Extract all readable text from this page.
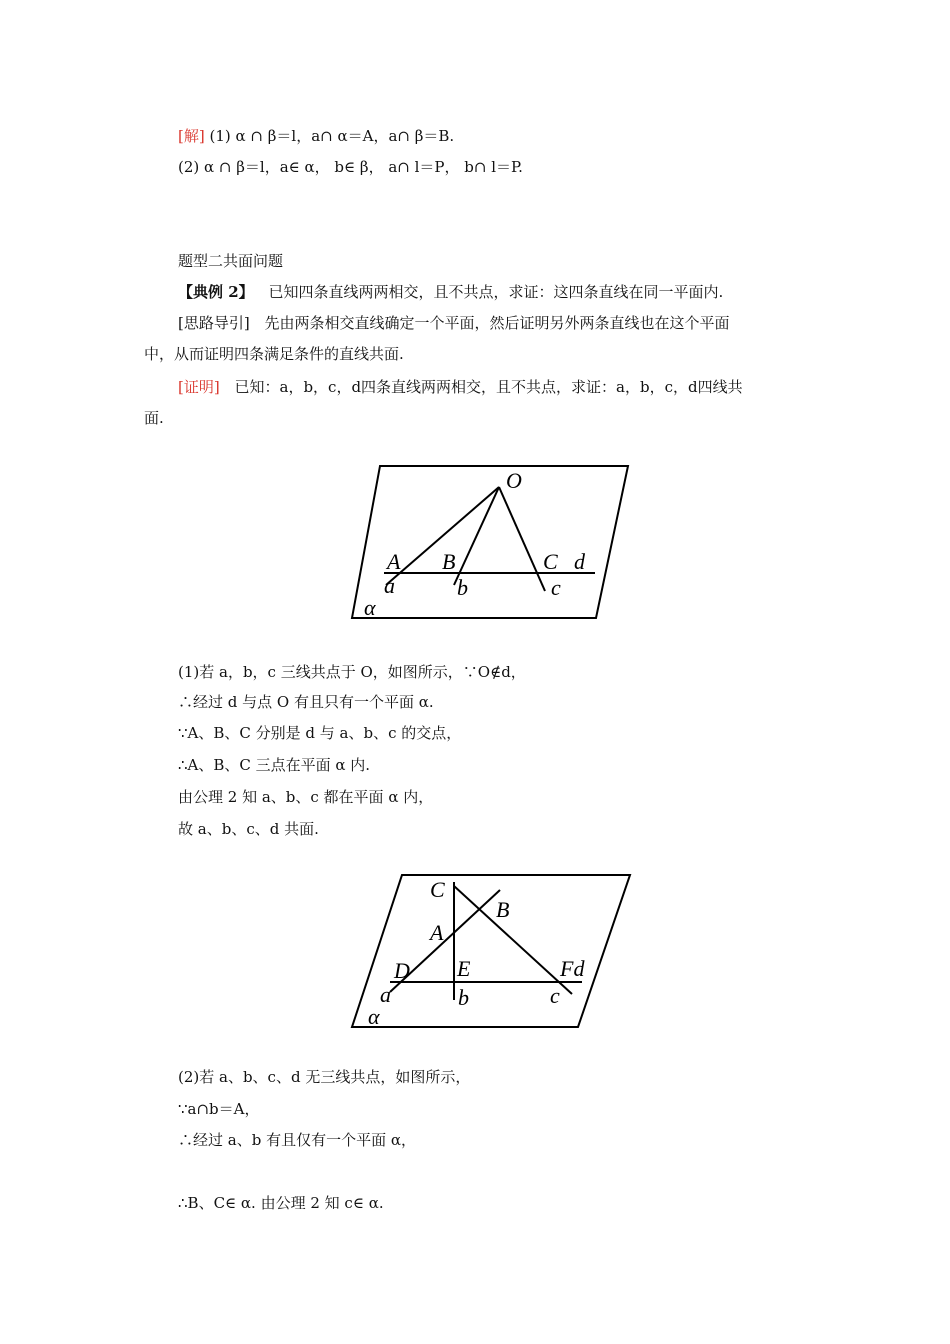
[解] (1) α ∩ β＝l，a∩ α＝A，a∩ β＝B.
(2) α ∩ β＝l，a∈ α， b∈ β， a∩ l＝P， b∩ l＝P.
题型二共面问题
【典例 2】 已知四条直线两两相交，且不共点，求证：这四条直线在同一平面内.
[思路导引] 先由两条相交直线确定一个平面，然后证明另外两条直线也在这个平面
中，从而证明四条满足条件的直线共面.
[证明] 已知：a，b，c，d四条直线两两相交，且不共点，求证：a，b，c，d四线共
面.
O
A B	C d
a	b	c
α
(1)若 a，b，c 三线共点于 O，如图所示，∵O∉d，
∴经过 d 与点 O 有且只有一个平面 α.
∵A、B、C 分别是 d 与 a、b、c 的交点，
∴A、B、C 三点在平面 α 内.
由公理 2 知 a、b、c 都在平面 α 内，
故 a、b、c、d 共面.
C
B
A
D E	Fd
a	b	c
α
(2)若 a、b、c、d 无三线共点，如图所示，
∵a∩b＝A，
∴经过 a、b 有且仅有一个平面 α，
∴B、C∈ α. 由公理 2 知 c∈ α.
